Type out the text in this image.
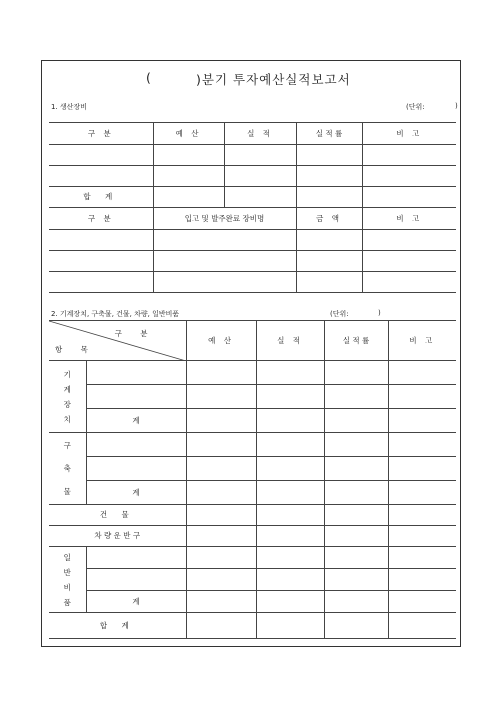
(	)분기 투자예산실적보고서
1. 생산장비	(단위:	)
구 분	예 산	실 적	실 적 률	비 고

합 계				
구 분	입고 및 발주완료 장비명		금 액	비 고

2. 기계장치, 구축물, 건물, 차량, 일반비품	(단위:	)
구 분
항 목		예 산	실 적	실 적 률	비 고
기
계
장
치					

	계				
구
축
물					

	계				
건 물					
차 량 운 반 구					
일
반
비
품					

	계				
합 계					
